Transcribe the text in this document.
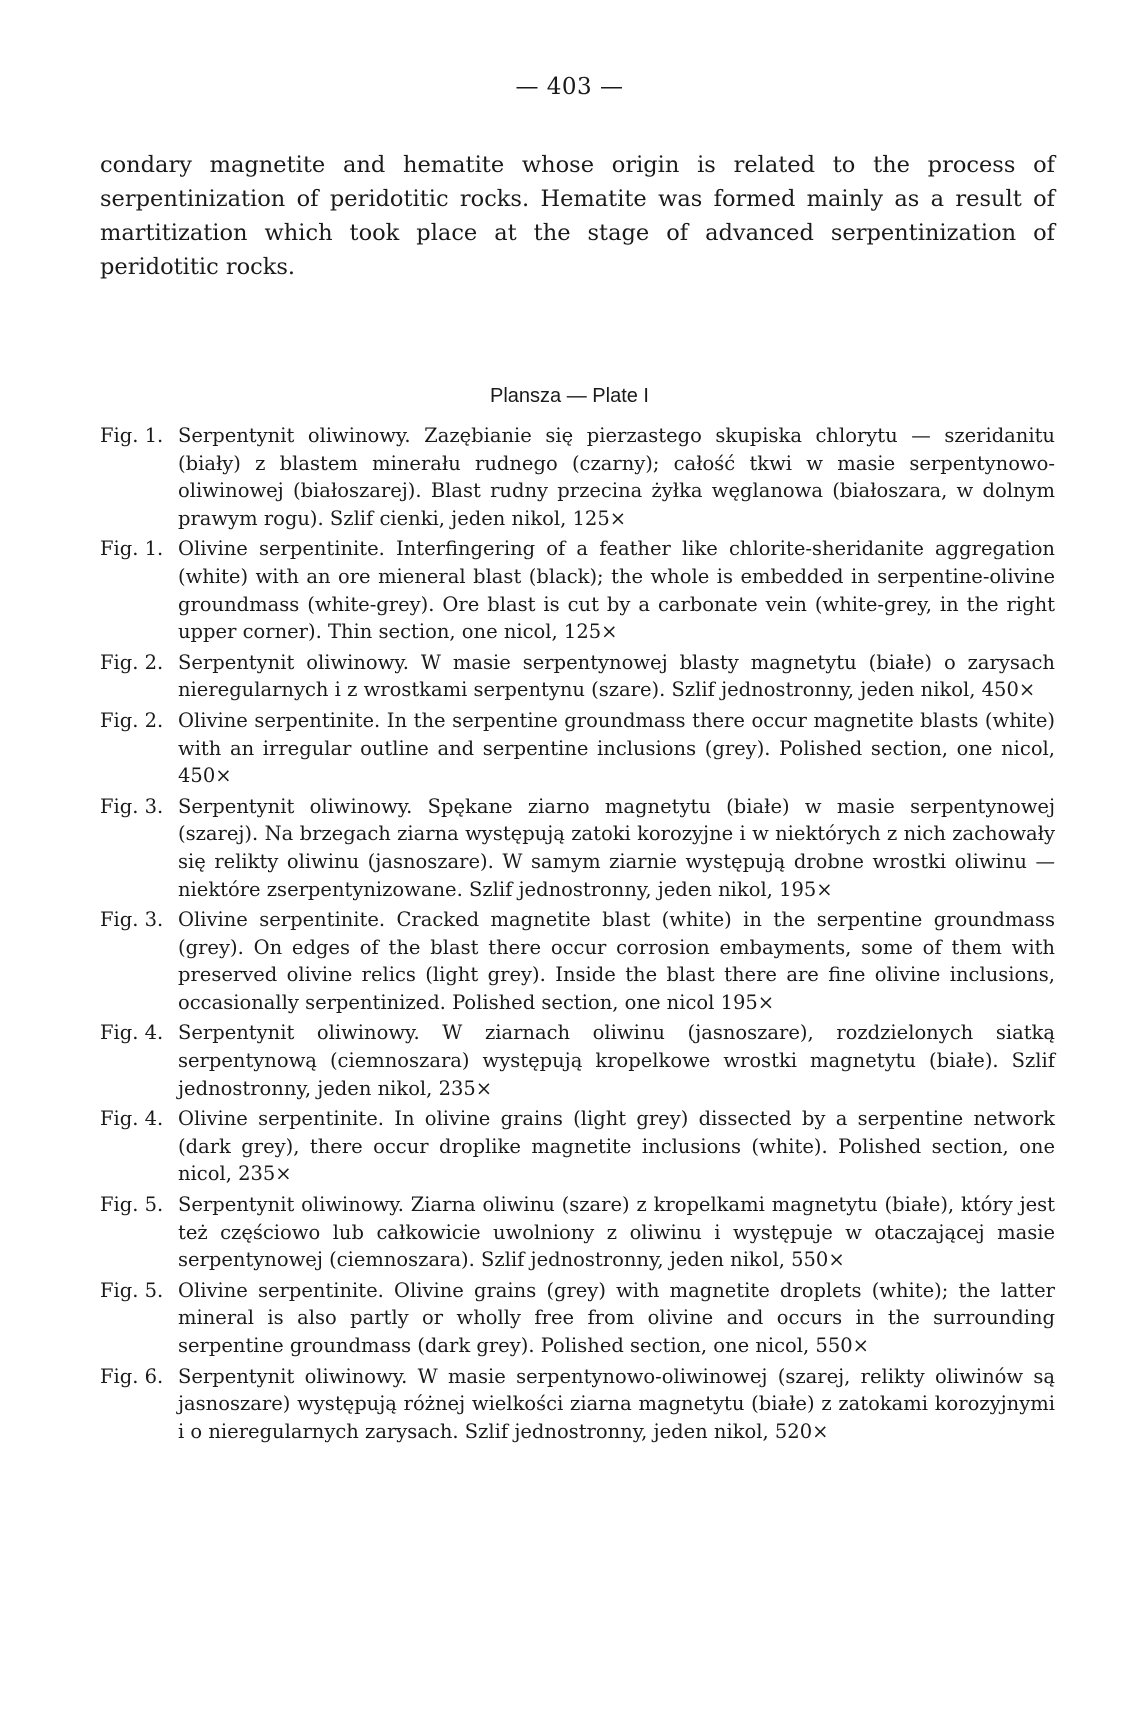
— 403 —

condary magnetite and hematite whose origin is related to the process of serpentinization of peridotitic rocks. Hematite was formed mainly as a result of martitization which took place at the stage of advanced serpentinization of peridotitic rocks.

Plansza — Plate I
Fig. 1. Serpentynit oliwinowy. Zazębianie się pierzastego skupiska chlorytu — szeridanitu (biały) z blastem minerału rudnego (czarny); całość tkwi w masie serpentynowo-oliwinowej (białoszarej). Blast rudny przecina żyłka węglanowa (białoszara, w dolnym prawym rogu). Szlif cienki, jeden nikol, 125×
Fig. 1. Olivine serpentinite. Interfingering of a feather like chlorite-sheridanite aggregation (white) with an ore mieneral blast (black); the whole is embedded in serpentine-olivine groundmass (white-grey). Ore blast is cut by a carbonate vein (white-grey, in the right upper corner). Thin section, one nicol, 125×
Fig. 2. Serpentynit oliwinowy. W masie serpentynowej blasty magnetytu (białe) o zarysach nieregularnych i z wrostkami serpentynu (szare). Szlif jednostronny, jeden nikol, 450×
Fig. 2. Olivine serpentinite. In the serpentine groundmass there occur magnetite blasts (white) with an irregular outline and serpentine inclusions (grey). Polished section, one nicol, 450×
Fig. 3. Serpentynit oliwinowy. Spękane ziarno magnetytu (białe) w masie serpentynowej (szarej). Na brzegach ziarna występują zatoki korozyjne i w niektórych z nich zachowały się relikty oliwinu (jasnoszare). W samym ziarnie występują drobne wrostki oliwinu — niektóre zserpentynizowane. Szlif jednostronny, jeden nikol, 195×
Fig. 3. Olivine serpentinite. Cracked magnetite blast (white) in the serpentine groundmass (grey). On edges of the blast there occur corrosion embayments, some of them with preserved olivine relics (light grey). Inside the blast there are fine olivine inclusions, occasionally serpentinized. Polished section, one nicol 195×
Fig. 4. Serpentynit oliwinowy. W ziarnach oliwinu (jasnoszare), rozdzielonych siatką serpentynową (ciemnoszara) występują kropelkowe wrostki magnetytu (białe). Szlif jednostronny, jeden nikol, 235×
Fig. 4. Olivine serpentinite. In olivine grains (light grey) dissected by a serpentine network (dark grey), there occur droplike magnetite inclusions (white). Polished section, one nicol, 235×
Fig. 5. Serpentynit oliwinowy. Ziarna oliwinu (szare) z kropelkami magnetytu (białe), który jest też częściowo lub całkowicie uwolniony z oliwinu i występuje w otaczającej masie serpentynowej (ciemnoszara). Szlif jednostronny, jeden nikol, 550×
Fig. 5. Olivine serpentinite. Olivine grains (grey) with magnetite droplets (white); the latter mineral is also partly or wholly free from olivine and occurs in the surrounding serpentine groundmass (dark grey). Polished section, one nicol, 550×
Fig. 6. Serpentynit oliwinowy. W masie serpentynowo-oliwinowej (szarej, relikty oliwinów są jasnoszare) występują różnej wielkości ziarna magnetytu (białe) z zatokami korozyjnymi i o nieregularnych zarysach. Szlif jednostronny, jeden nikol, 520×
